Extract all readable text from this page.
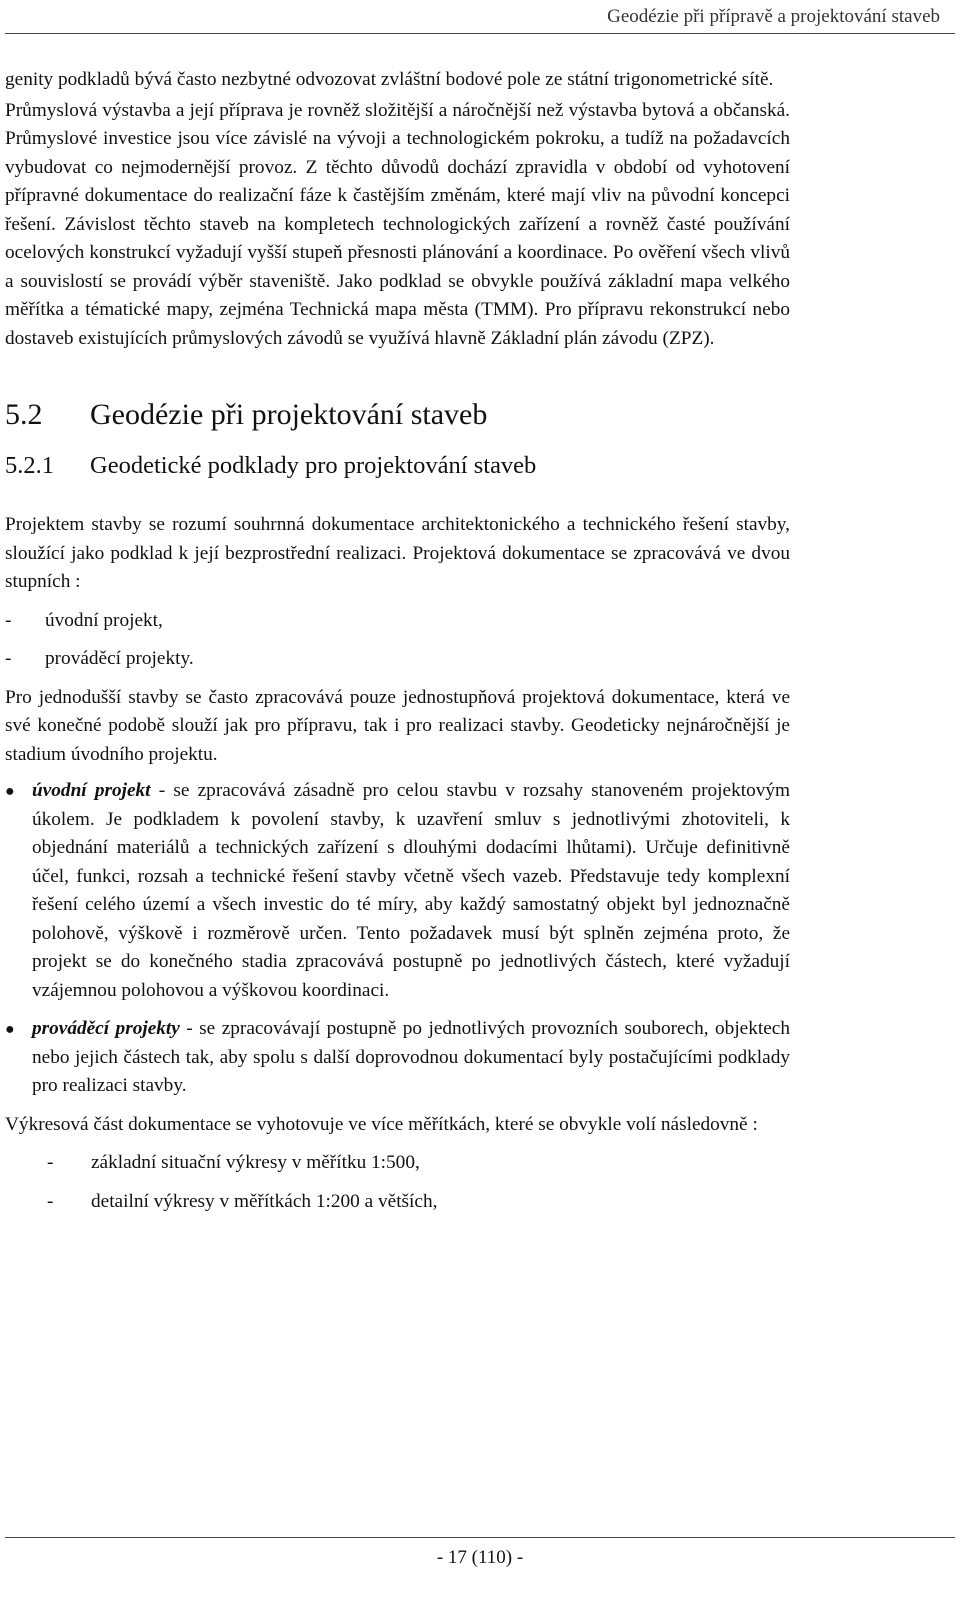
Geodézie při přípravě a projektování staveb

genity podkladů bývá často nezbytné odvozovat zvláštní bodové pole ze státní trigonometrické sítě.

Průmyslová výstavba a její příprava je rovněž složitější a náročnější než výstavba bytová a občanská. Průmyslové investice jsou více závislé na vývoji a technologickém pokroku, a tudíž na požadavcích vybudovat co nejmodernější provoz. Z těchto důvodů dochází zpravidla v období od vyhotovení přípravné dokumentace do realizační fáze k častějším změnám, které mají vliv na původní koncepci řešení. Závislost těchto staveb na kompletech technologických zařízení a rovněž časté používání ocelových konstrukcí vyžadují vyšší stupeň přesnosti plánování a koordinace. Po ověření všech vlivů a souvislostí se provádí výběr staveniště. Jako podklad se obvykle používá základní mapa velkého měřítka a tématické mapy, zejména Technická mapa města (TMM). Pro přípravu rekonstrukcí nebo dostaveb existujících průmyslových závodů se využívá hlavně Základní plán závodu (ZPZ).

5.2	Geodézie při projektování staveb
5.2.1	Geodetické podklady pro projektování staveb

Projektem stavby se rozumí souhrnná dokumentace architektonického a technického řešení stavby, sloužící jako podklad k její bezprostřední realizaci. Projektová dokumentace se zpracovává ve dvou stupních :

-	úvodní projekt,
-	prováděcí projekty.

Pro jednodušší stavby se často zpracovává pouze jednostupňová projektová dokumentace, která ve své konečné podobě slouží jak pro přípravu, tak i pro realizaci stavby. Geodeticky nejnáročnější je stadium úvodního projektu.

● úvodní projekt - se zpracovává zásadně pro celou stavbu v rozsahy stanoveném projektovým úkolem. Je podkladem k povolení stavby, k uzavření smluv s jednotlivými zhotoviteli, k objednání materiálů a technických zařízení s dlouhými dodacími lhůtami). Určuje definitivně účel, funkci, rozsah a technické řešení stavby včetně všech vazeb. Představuje tedy komplexní řešení celého území a všech investic do té míry, aby každý samostatný objekt byl jednoznačně polohově, výškově i rozměrově určen. Tento požadavek musí být splněn zejména proto, že projekt se do konečného stadia zpracovává postupně po jednotlivých částech, které vyžadují vzájemnou polohovou a výškovou koordinaci.
● prováděcí projekty - se zpracovávají postupně po jednotlivých provozních souborech, objektech nebo jejich částech tak, aby spolu s další doprovodnou dokumentací byly postačujícími podklady pro realizaci stavby.

Výkresová část dokumentace se vyhotovuje ve více měřítkách, které se obvykle volí následovně :

-	základní situační výkresy v měřítku 1:500,
-	detailní výkresy v měřítkách 1:200 a větších,
- 17 (110) -
